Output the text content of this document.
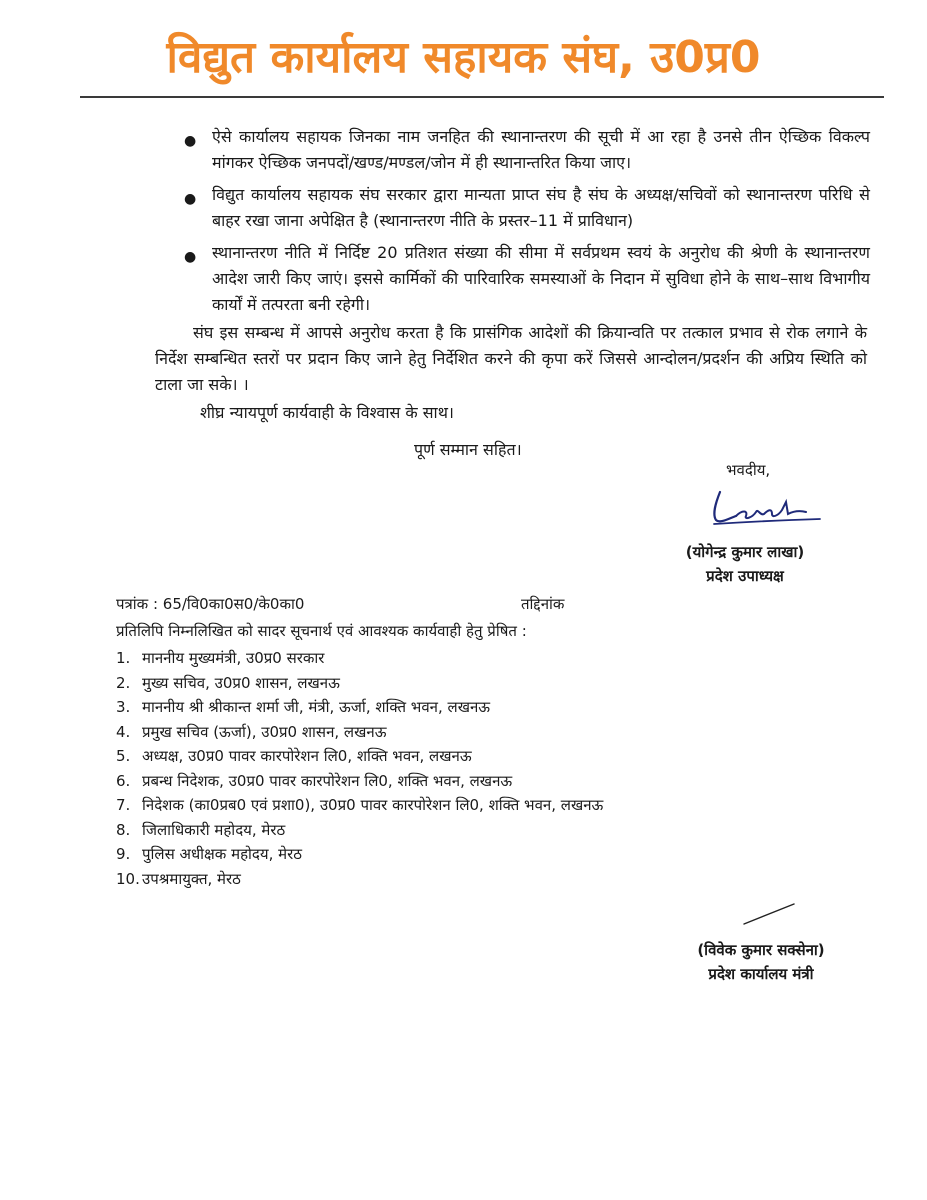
विद्युत कार्यालय सहायक संघ, उ0प्र0
● ऐसे कार्यालय सहायक जिनका नाम जनहित की स्थानान्तरण की सूची में आ रहा है उनसे तीन ऐच्छिक विकल्प मांगकर ऐच्छिक जनपदों/खण्ड/मण्डल/जोन में ही स्थानान्तरित किया जाए।
● विद्युत कार्यालय सहायक संघ सरकार द्वारा मान्यता प्राप्त संघ है संघ के अध्यक्ष/सचिवों को स्थानान्तरण परिधि से बाहर रखा जाना अपेक्षित है (स्थानान्तरण नीति के प्रस्तर–11 में प्राविधान)
● स्थानान्तरण नीति में निर्दिष्ट 20 प्रतिशत संख्या की सीमा में सर्वप्रथम स्वयं के अनुरोध की श्रेणी के स्थानान्तरण आदेश जारी किए जाएं। इससे कार्मिकों की पारिवारिक समस्याओं के निदान में सुविधा होने के साथ–साथ विभागीय कार्यों में तत्परता बनी रहेगी।
संघ इस सम्बन्ध में आपसे अनुरोध करता है कि प्रासंगिक आदेशों की क्रियान्वति पर तत्काल प्रभाव से रोक लगाने के निर्देश सम्बन्धित स्तरों पर प्रदान किए जाने हेतु निर्देशित करने की कृपा करें जिससे आन्दोलन/प्रदर्शन की अप्रिय स्थिति को टाला जा सके। ।
शीघ्र न्यायपूर्ण कार्यवाही के विश्वास के साथ।
पूर्ण सम्मान सहित।
भवदीय,
(योगेन्द्र कुमार लाखा)
प्रदेश उपाध्यक्ष
पत्रांक : 65/वि0का0स0/के0का0	तद्दिनांक
प्रतिलिपि निम्नलिखित को सादर सूचनार्थ एवं आवश्यक कार्यवाही हेतु प्रेषित :
1. माननीय मुख्यमंत्री, उ0प्र0 सरकार
2. मुख्य सचिव, उ0प्र0 शासन, लखनऊ
3. माननीय श्री श्रीकान्त शर्मा जी, मंत्री, ऊर्जा, शक्ति भवन, लखनऊ
4. प्रमुख सचिव (ऊर्जा), उ0प्र0 शासन, लखनऊ
5. अध्यक्ष, उ0प्र0 पावर कारपोरेशन लि0, शक्ति भवन, लखनऊ
6. प्रबन्ध निदेशक, उ0प्र0 पावर कारपोरेशन लि0, शक्ति भवन, लखनऊ
7. निदेशक (का0प्रब0 एवं प्रशा0), उ0प्र0 पावर कारपोरेशन लि0, शक्ति भवन, लखनऊ
8. जिलाधिकारी महोदय, मेरठ
9. पुलिस अधीक्षक महोदय, मेरठ
10. उपश्रमायुक्त, मेरठ
(विवेक कुमार सक्सेना)
प्रदेश कार्यालय मंत्री
